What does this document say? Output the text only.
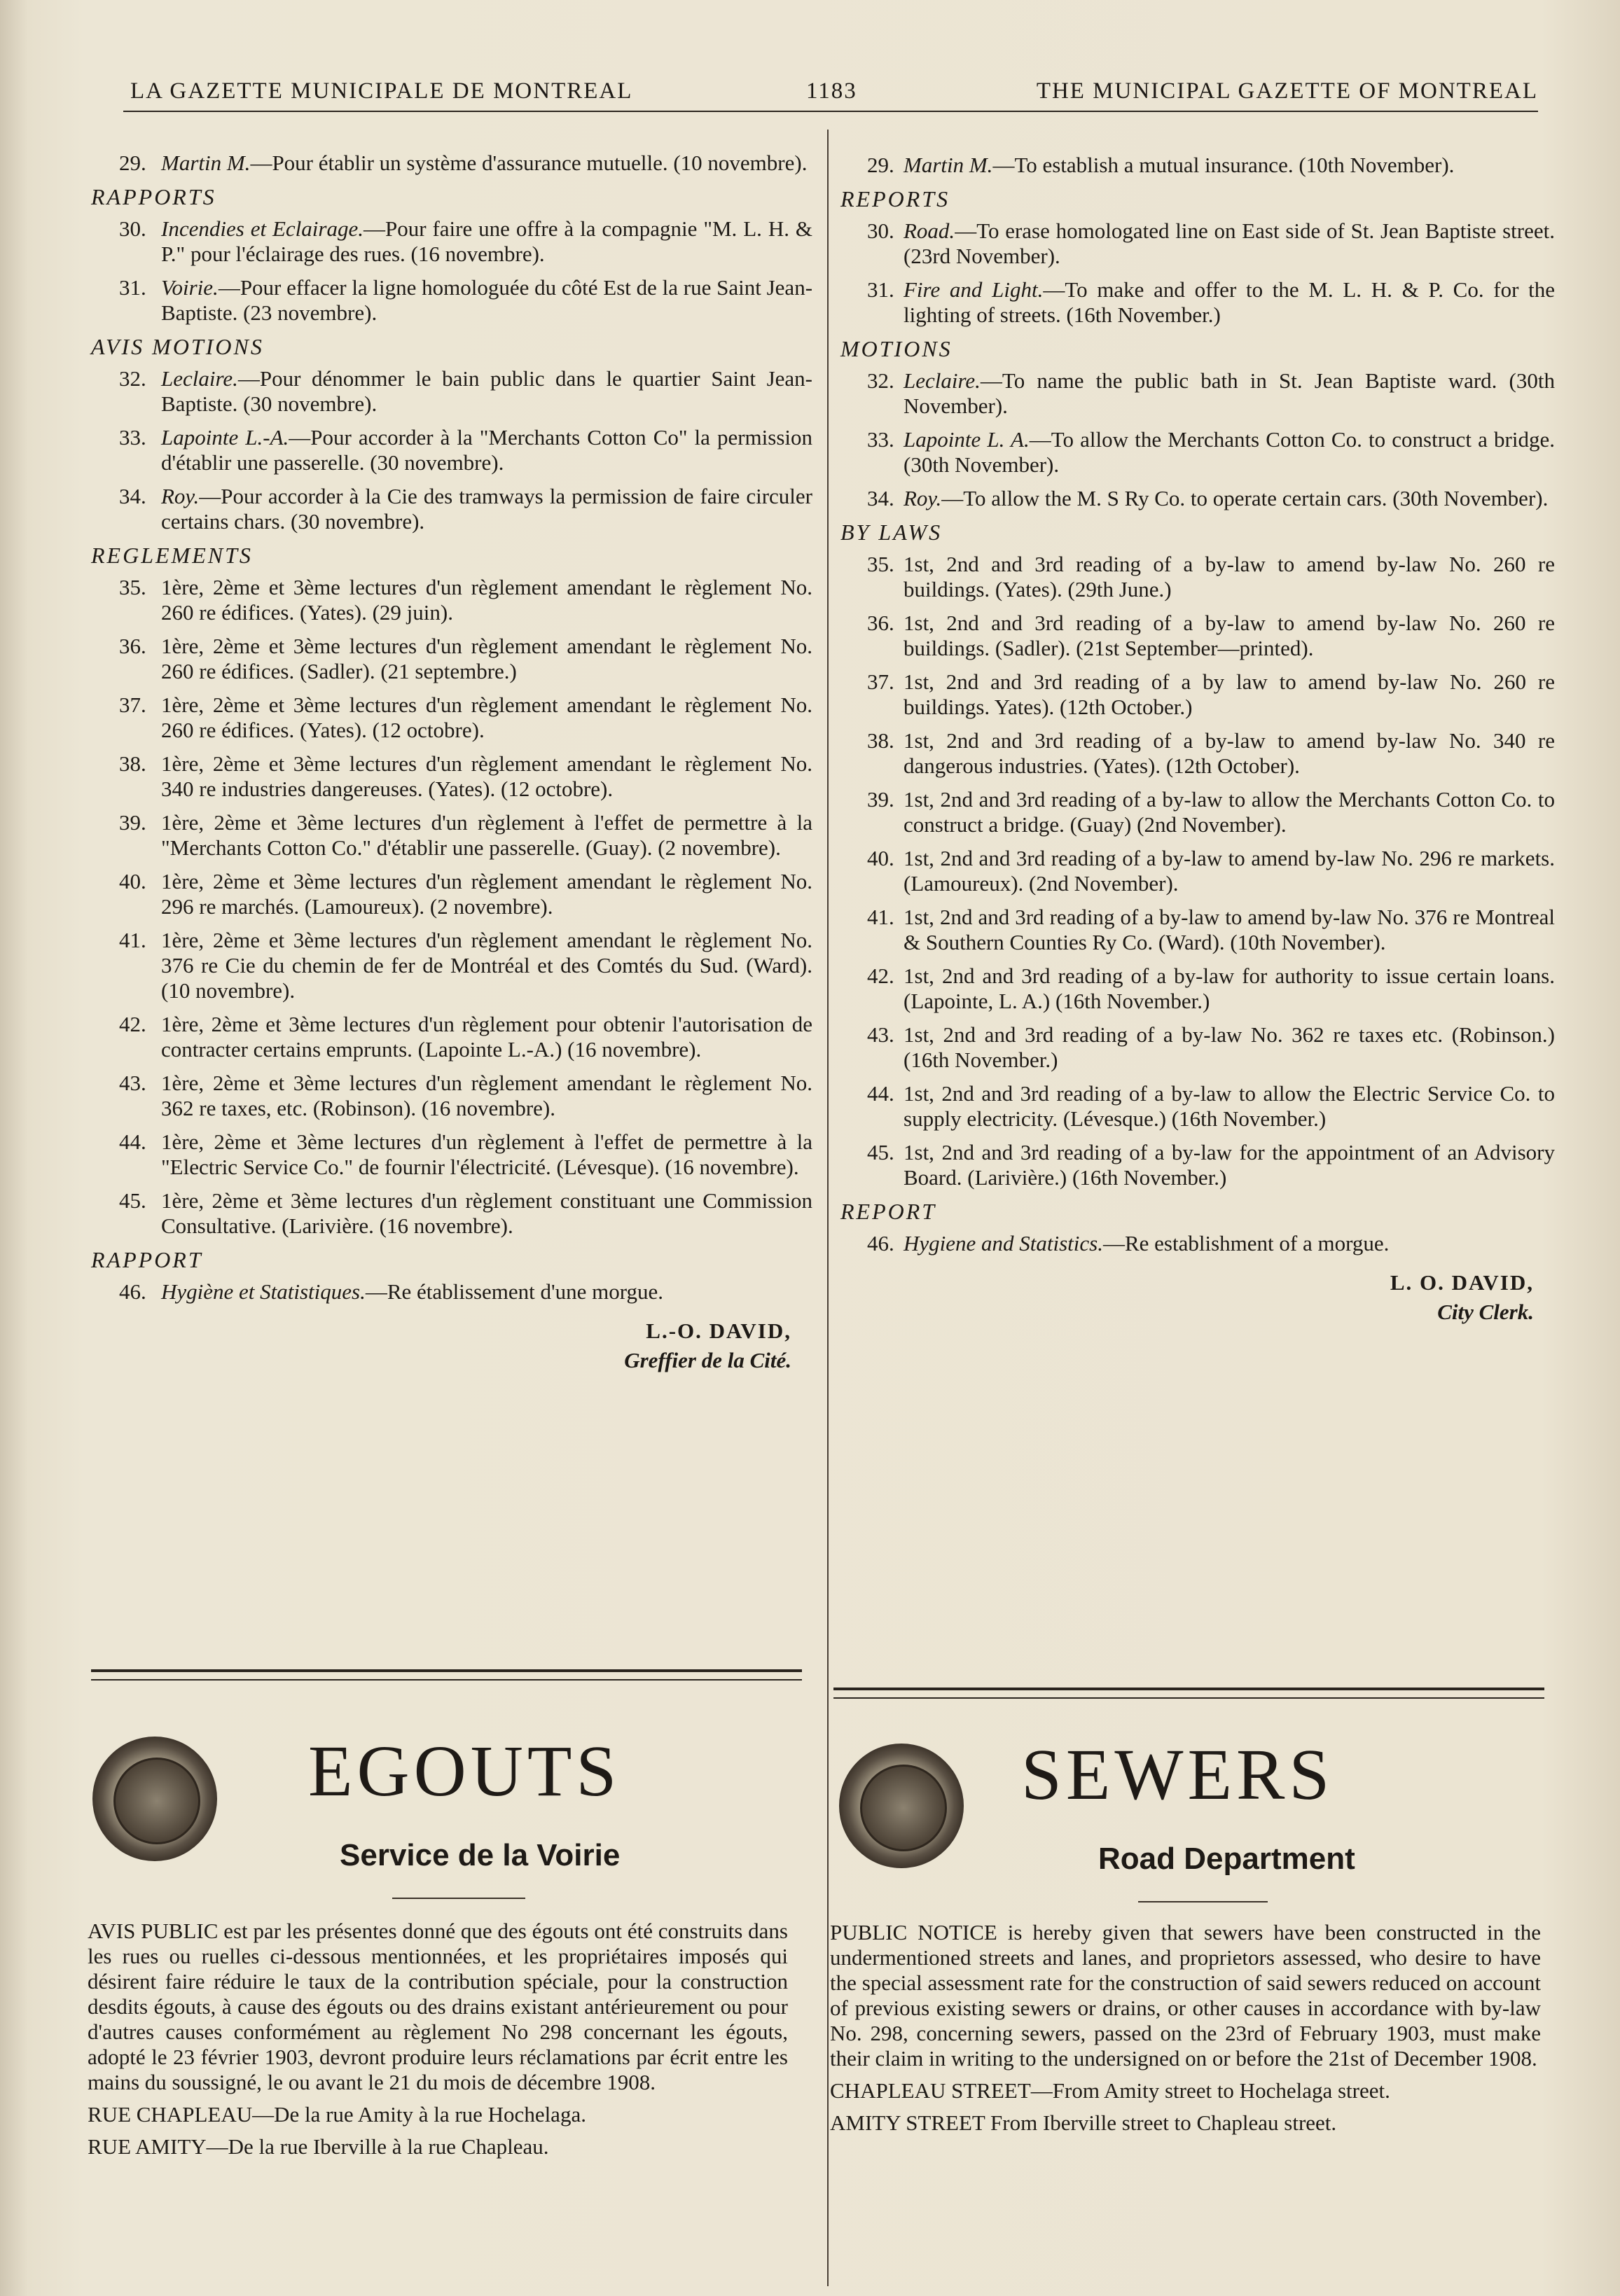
LA GAZETTE MUNICIPALE DE MONTREAL	1183	THE MUNICIPAL GAZETTE OF MONTREAL
29. Martin M.—Pour établir un système d'assurance mutuelle. (10 novembre).
RAPPORTS
30. Incendies et Eclairage.—Pour faire une offre à la compagnie "M. L. H. & P." pour l'éclairage des rues. (16 novembre).
31. Voirie.—Pour effacer la ligne homologuée du côté Est de la rue Saint Jean-Baptiste. (23 novembre).
AVIS MOTIONS
32. Leclaire.—Pour dénommer le bain public dans le quartier Saint Jean-Baptiste. (30 novembre).
33. Lapointe L.-A.—Pour accorder à la "Merchants Cotton Co" la permission d'établir une passerelle. (30 novembre).
34. Roy.—Pour accorder à la Cie des tramways la permission de faire circuler certains chars. (30 novembre).
REGLEMENTS
35. 1ère, 2ème et 3ème lectures d'un règlement amendant le règlement No. 260 re édifices. (Yates). (29 juin).
36. 1ère, 2ème et 3ème lectures d'un règlement amendant le règlement No. 260 re édifices. (Sadler). (21 septembre.)
37. 1ère, 2ème et 3ème lectures d'un règlement amendant le règlement No. 260 re édifices. (Yates). (12 octobre).
38. 1ère, 2ème et 3ème lectures d'un règlement amendant le règlement No. 340 re industries dangereuses. (Yates). (12 octobre).
39. 1ère, 2ème et 3ème lectures d'un règlement à l'effet de permettre à la "Merchants Cotton Co." d'établir une passerelle. (Guay). (2 novembre).
40. 1ère, 2ème et 3ème lectures d'un règlement amendant le règlement No. 296 re marchés. (Lamoureux). (2 novembre).
41. 1ère, 2ème et 3ème lectures d'un règlement amendant le règlement No. 376 re Cie du chemin de fer de Montréal et des Comtés du Sud. (Ward). (10 novembre).
42. 1ère, 2ème et 3ème lectures d'un règlement pour obtenir l'autorisation de contracter certains emprunts. (Lapointe L.-A.) (16 novembre).
43. 1ère, 2ème et 3ème lectures d'un règlement amendant le règlement No. 362 re taxes, etc. (Robinson). (16 novembre).
44. 1ère, 2ème et 3ème lectures d'un règlement à l'effet de permettre à la "Electric Service Co." de fournir l'électricité. (Lévesque). (16 novembre).
45. 1ère, 2ème et 3ème lectures d'un règlement constituant une Commission Consultative. (Larivière. (16 novembre).
RAPPORT
46. Hygiène et Statistiques.—Re établissement d'une morgue.
L.-O. DAVID,
Greffier de la Cité.
29. Martin M.—To establish a mutual insurance. (10th November).
REPORTS
30. Road.—To erase homologated line on East side of St. Jean Baptiste street. (23rd November).
31. Fire and Light.—To make and offer to the M. L. H. & P. Co. for the lighting of streets. (16th November.)
MOTIONS
32. Leclaire.—To name the public bath in St. Jean Baptiste ward. (30th November).
33. Lapointe L. A.—To allow the Merchants Cotton Co. to construct a bridge. (30th November).
34. Roy.—To allow the M. S Ry Co. to operate certain cars. (30th November).
BY LAWS
35. 1st, 2nd and 3rd reading of a by-law to amend by-law No. 260 re buildings. (Yates). (29th June.)
36. 1st, 2nd and 3rd reading of a by-law to amend by-law No. 260 re buildings. (Sadler). (21st September—printed).
37. 1st, 2nd and 3rd reading of a by law to amend by-law No. 260 re buildings. Yates). (12th October.)
38. 1st, 2nd and 3rd reading of a by-law to amend by-law No. 340 re dangerous industries. (Yates). (12th October).
39. 1st, 2nd and 3rd reading of a by-law to allow the Merchants Cotton Co. to construct a bridge. (Guay) (2nd November).
40. 1st, 2nd and 3rd reading of a by-law to amend by-law No. 296 re markets. (Lamoureux). (2nd November).
41. 1st, 2nd and 3rd reading of a by-law to amend by-law No. 376 re Montreal & Southern Counties Ry Co. (Ward). (10th November).
42. 1st, 2nd and 3rd reading of a by-law for authority to issue certain loans. (Lapointe, L. A.) (16th November.)
43. 1st, 2nd and 3rd reading of a by-law No. 362 re taxes etc. (Robinson.) (16th November.)
44. 1st, 2nd and 3rd reading of a by-law to allow the Electric Service Co. to supply electricity. (Lévesque.) (16th November.)
45. 1st, 2nd and 3rd reading of a by-law for the appointment of an Advisory Board. (Larivière.) (16th November.)
REPORT
46. Hygiene and Statistics.—Re establishment of a morgue.
L. O. DAVID,
City Clerk.
EGOUTS
Service de la Voirie

AVIS PUBLIC est par les présentes donné que des égouts ont été construits dans les rues ou ruelles ci-dessous mentionnées, et les propriétaires imposés qui désirent faire réduire le taux de la contribution spéciale, pour la construction desdits égouts, à cause des égouts ou des drains existant antérieurement ou pour d'autres causes conformément au règlement No 298 concernant les égouts, adopté le 23 février 1903, devront produire leurs réclamations par écrit entre les mains du soussigné, le ou avant le 21 du mois de décembre 1908.

RUE CHAPLEAU—De la rue Amity à la rue Hochelaga.

RUE AMITY—De la rue Iberville à la rue Chapleau.

SEWERS
Road Department

PUBLIC NOTICE is hereby given that sewers have been constructed in the undermentioned streets and lanes, and proprietors assessed, who desire to have the special assessment rate for the construction of said sewers reduced on account of previous existing sewers or drains, or other causes in accordance with by-law No. 298, concerning sewers, passed on the 23rd of February 1903, must make their claim in writing to the undersigned on or before the 21st of December 1908.

CHAPLEAU STREET—From Amity street to Hochelaga street.

AMITY STREET From Iberville street to Chapleau street.
